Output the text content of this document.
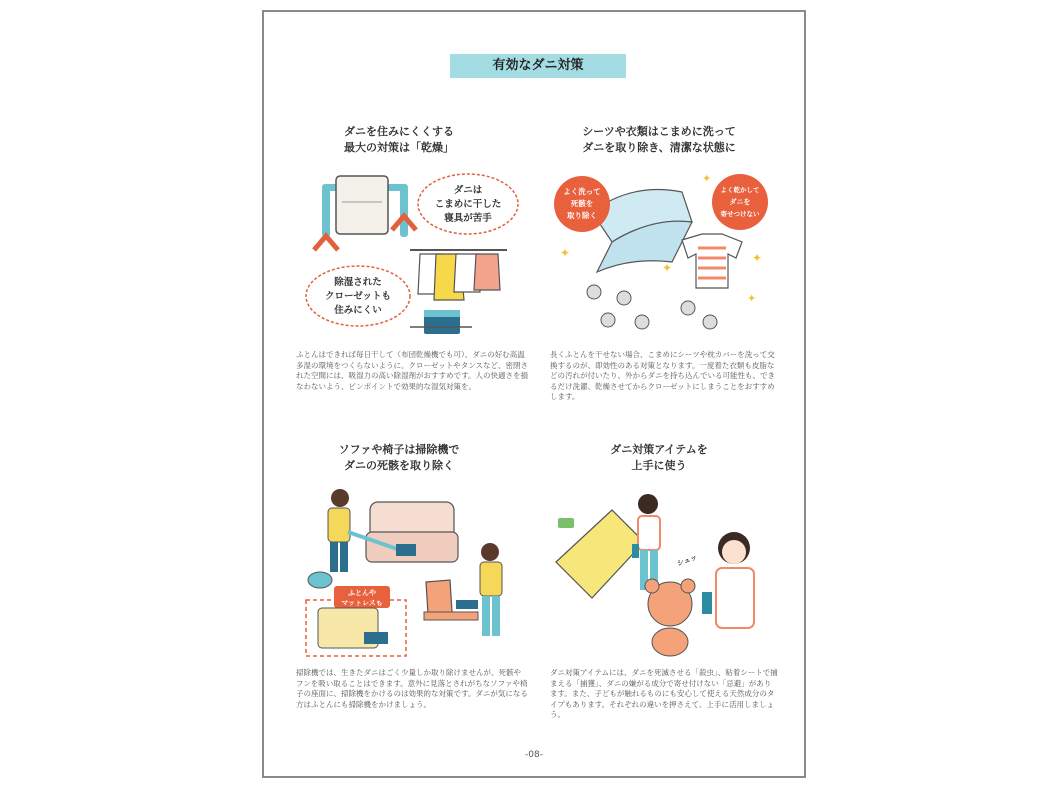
有効なダニ対策
ダニを住みにくくする
最大の対策は「乾燥」
ダニは
こまめに干した
寝具が苦手
除湿された
クローゼットも
住みにくい

ふとんはできれば毎日干して（布団乾燥機でも可）、ダニの好む高温多湿の環境をつくらないように。クローゼットやタンスなど、密閉された空間には、吸湿力の高い除湿剤がおすすめです。人の快適さを損なわないよう、ピンポイントで効果的な湿気対策を。

シーツや衣類はこまめに洗って
ダニを取り除き、清潔な状態に
よく洗って
死骸を
取り除く
よく乾かして
ダニを
寄せつけない
✦
✦
✦
✦
✦

長くふとんを干せない場合、こまめにシーツや枕カバーを洗って交換するのが、即効性のある対策となります。一度着た衣類も皮脂などの汚れが付いたり、外からダニを持ち込んでいる可能性も。できるだけ洗濯、乾燥させてからクローゼットにしまうことをおすすめします。

ソファや椅子は掃除機で
ダニの死骸を取り除く
ふとんや
マットレスも

掃除機では、生きたダニはごく少量しか取り除けませんが、死骸やフンを吸い取ることはできます。意外に見落とされがちなソファや椅子の座面に、掃除機をかけるのは効果的な対策です。ダニが気になる方はふとんにも掃除機をかけましょう。

ダニ対策アイテムを
上手に使う
シュッ

ダニ対策アイテムには、ダニを死滅させる「殺虫」、粘着シートで捕まえる「捕獲」、ダニの嫌がる成分で寄せ付けない「忌避」があります。また、子どもが触れるものにも安心して使える天然成分のタイプもあります。それぞれの違いを押さえて、上手に活用しましょう。

-08-
